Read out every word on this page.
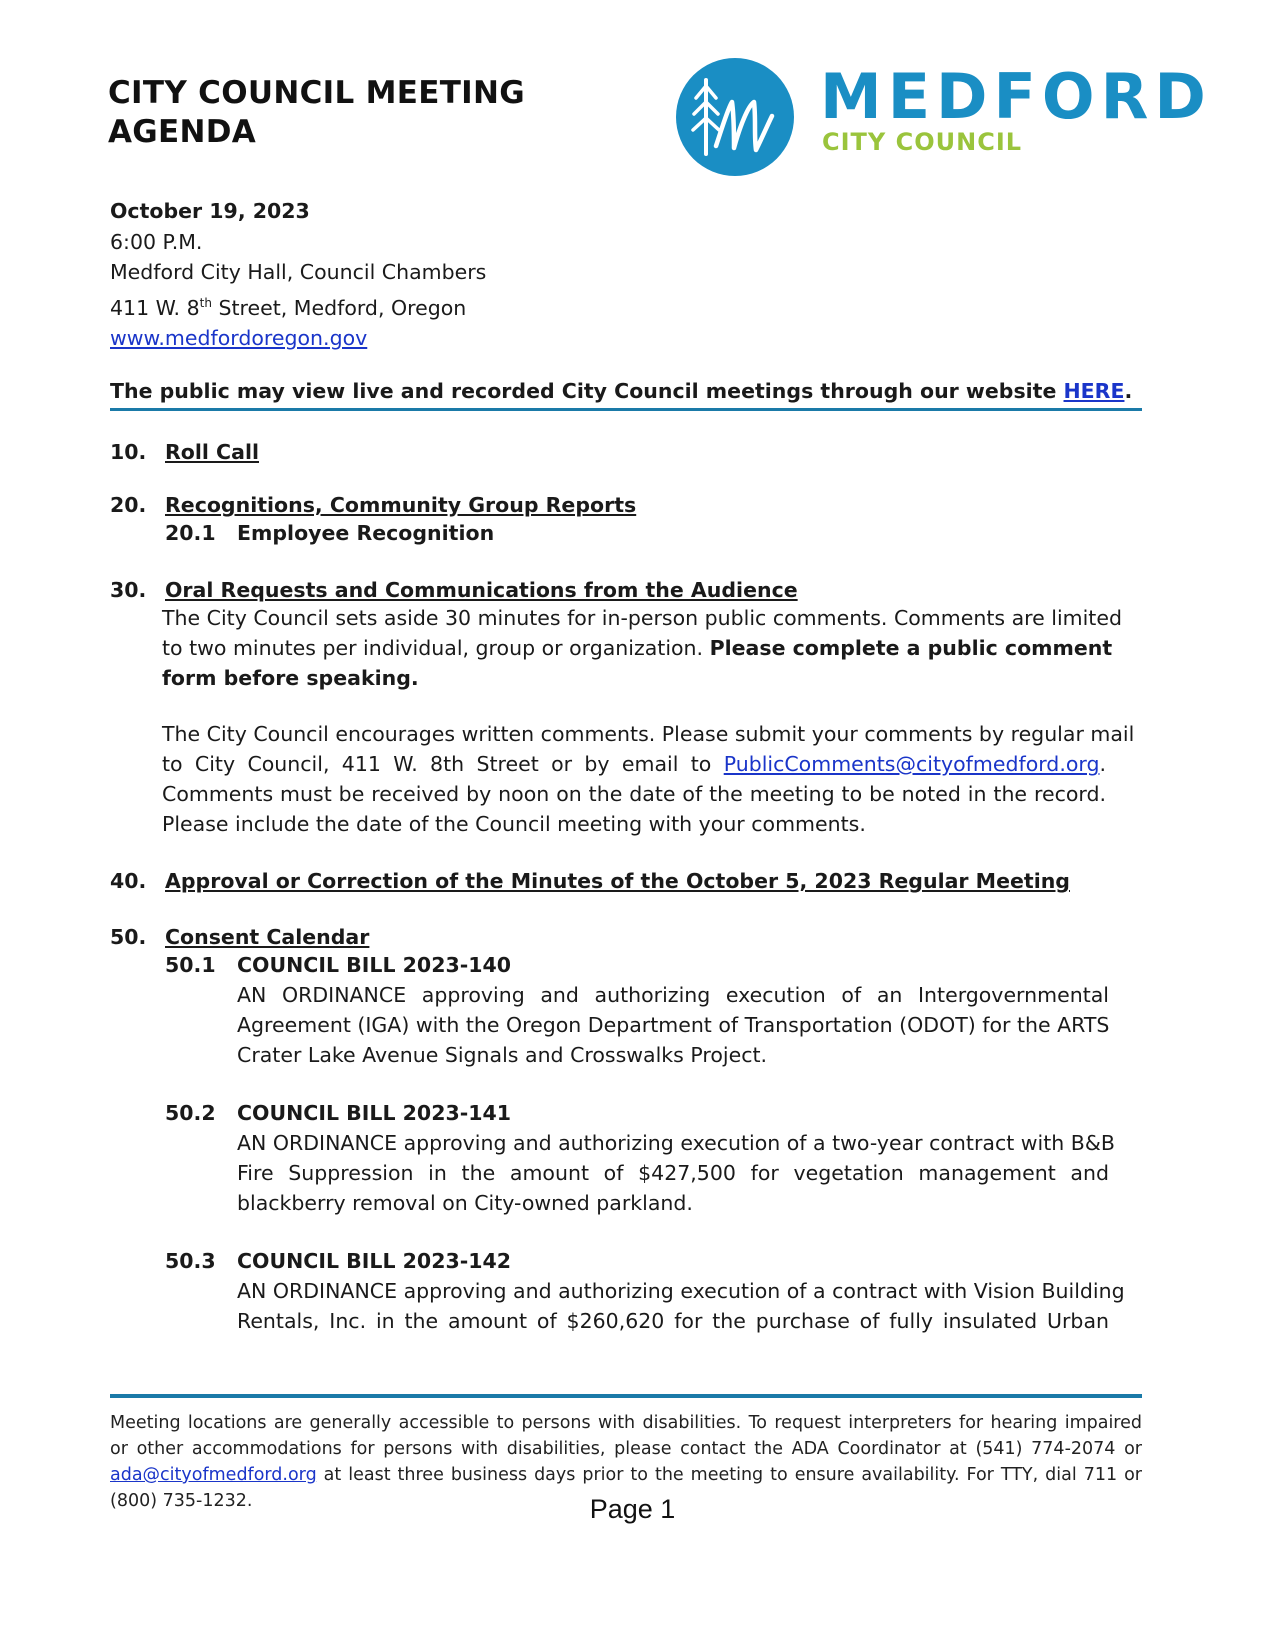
CITY COUNCIL MEETING
AGENDA	MEDFORD
CITY COUNCIL
October 19, 2023
6:00 P.M.
Medford City Hall, Council Chambers
411 W. 8th Street, Medford, Oregon
www.medfordoregon.gov
The public may view live and recorded City Council meetings through our website HERE.
10. Roll Call
20. Recognitions, Community Group Reports
20.1 Employee Recognition
30. Oral Requests and Communications from the Audience
The City Council sets aside 30 minutes for in-person public comments. Comments are limited
to two minutes per individual, group or organization. Please complete a public comment
form before speaking.
The City Council encourages written comments. Please submit your comments by regular mail
to City Council, 411 W. 8th Street or by email to PublicComments@cityofmedford.org.
Comments must be received by noon on the date of the meeting to be noted in the record.
Please include the date of the Council meeting with your comments.
40. Approval or Correction of the Minutes of the October 5, 2023 Regular Meeting
50. Consent Calendar
50.1 COUNCIL BILL 2023-140
AN ORDINANCE approving and authorizing execution of an Intergovernmental
Agreement (IGA) with the Oregon Department of Transportation (ODOT) for the ARTS
Crater Lake Avenue Signals and Crosswalks Project.
50.2 COUNCIL BILL 2023-141
AN ORDINANCE approving and authorizing execution of a two-year contract with B&B
Fire Suppression in the amount of $427,500 for vegetation management and
blackberry removal on City-owned parkland.
50.3 COUNCIL BILL 2023-142
AN ORDINANCE approving and authorizing execution of a contract with Vision Building
Rentals, Inc. in the amount of $260,620 for the purchase of fully insulated Urban
Meeting locations are generally accessible to persons with disabilities. To request interpreters for hearing impaired
or other accommodations for persons with disabilities, please contact the ADA Coordinator at (541) 774-2074 or
ada@cityofmedford.org at least three business days prior to the meeting to ensure availability. For TTY, dial 711 or
(800) 735-1232.	Page 1
